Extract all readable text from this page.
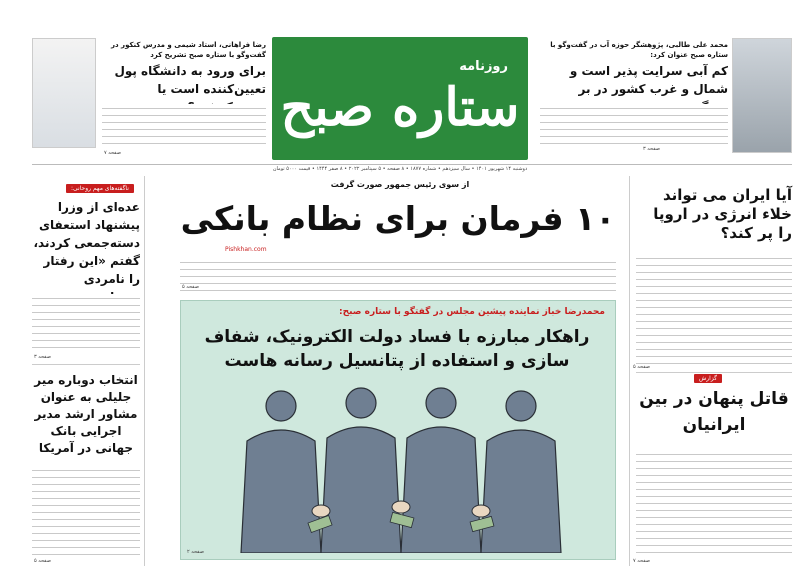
محمد علی طالبی، پژوهشگر حوزه آب در گفت‌وگو با ستاره صبح عنوان کرد:
کم آبی سرایت پذیر است و شمال و غرب کشور در بر
صفحه ۳
روزنامه
ستاره صبح
رضا فراهانی، استاد شیمی و مدرس کنکور در گفت‌وگو با ستاره صبح تشریح کرد
برای ورود به دانشگاه پول تعیین‌کننده است یا
صفحه ۷
دوشنبه ۱۴ شهریور ۱۴۰۱ • سال سیزدهم • شماره ۱۸۷۷ • ۸ صفحه • ۵ سپتامبر ۲۰۲۲ • ۸ صفر ۱۴۴۴ • قیمت ۵۰۰۰ تومان
آیا ایران می تواند خلاء انرژی در اروپا را پر کند؟
صفحه ۵
گزارش
قاتل پنهان در بین ایرانیان
صفحه ۷
ناگفته‌های مهم روحانی:
عده‌ای از وزرا پیشنهاد استعفای دسته‌جمعی کردند، گفتم «این رفتار را نامردی
صفحه ۳
انتخاب دوباره میر جلیلی به عنوان مشاور ارشد مدیر اجرایی بانک جهانی در آمریکا
صفحه ۵
از سوی رئیس جمهور صورت گرفت
۱۰ فرمان برای نظام بانکی
Pishkhan.com
صفحه ۵
محمدرضا خباز نماینده پیشین مجلس در گفتگو با ستاره صبح:
راهکار مبارزه با فساد دولت الکترونیک، شفاف سازی و استفاده از پتانسیل رسانه هاست
صفحه ۲
